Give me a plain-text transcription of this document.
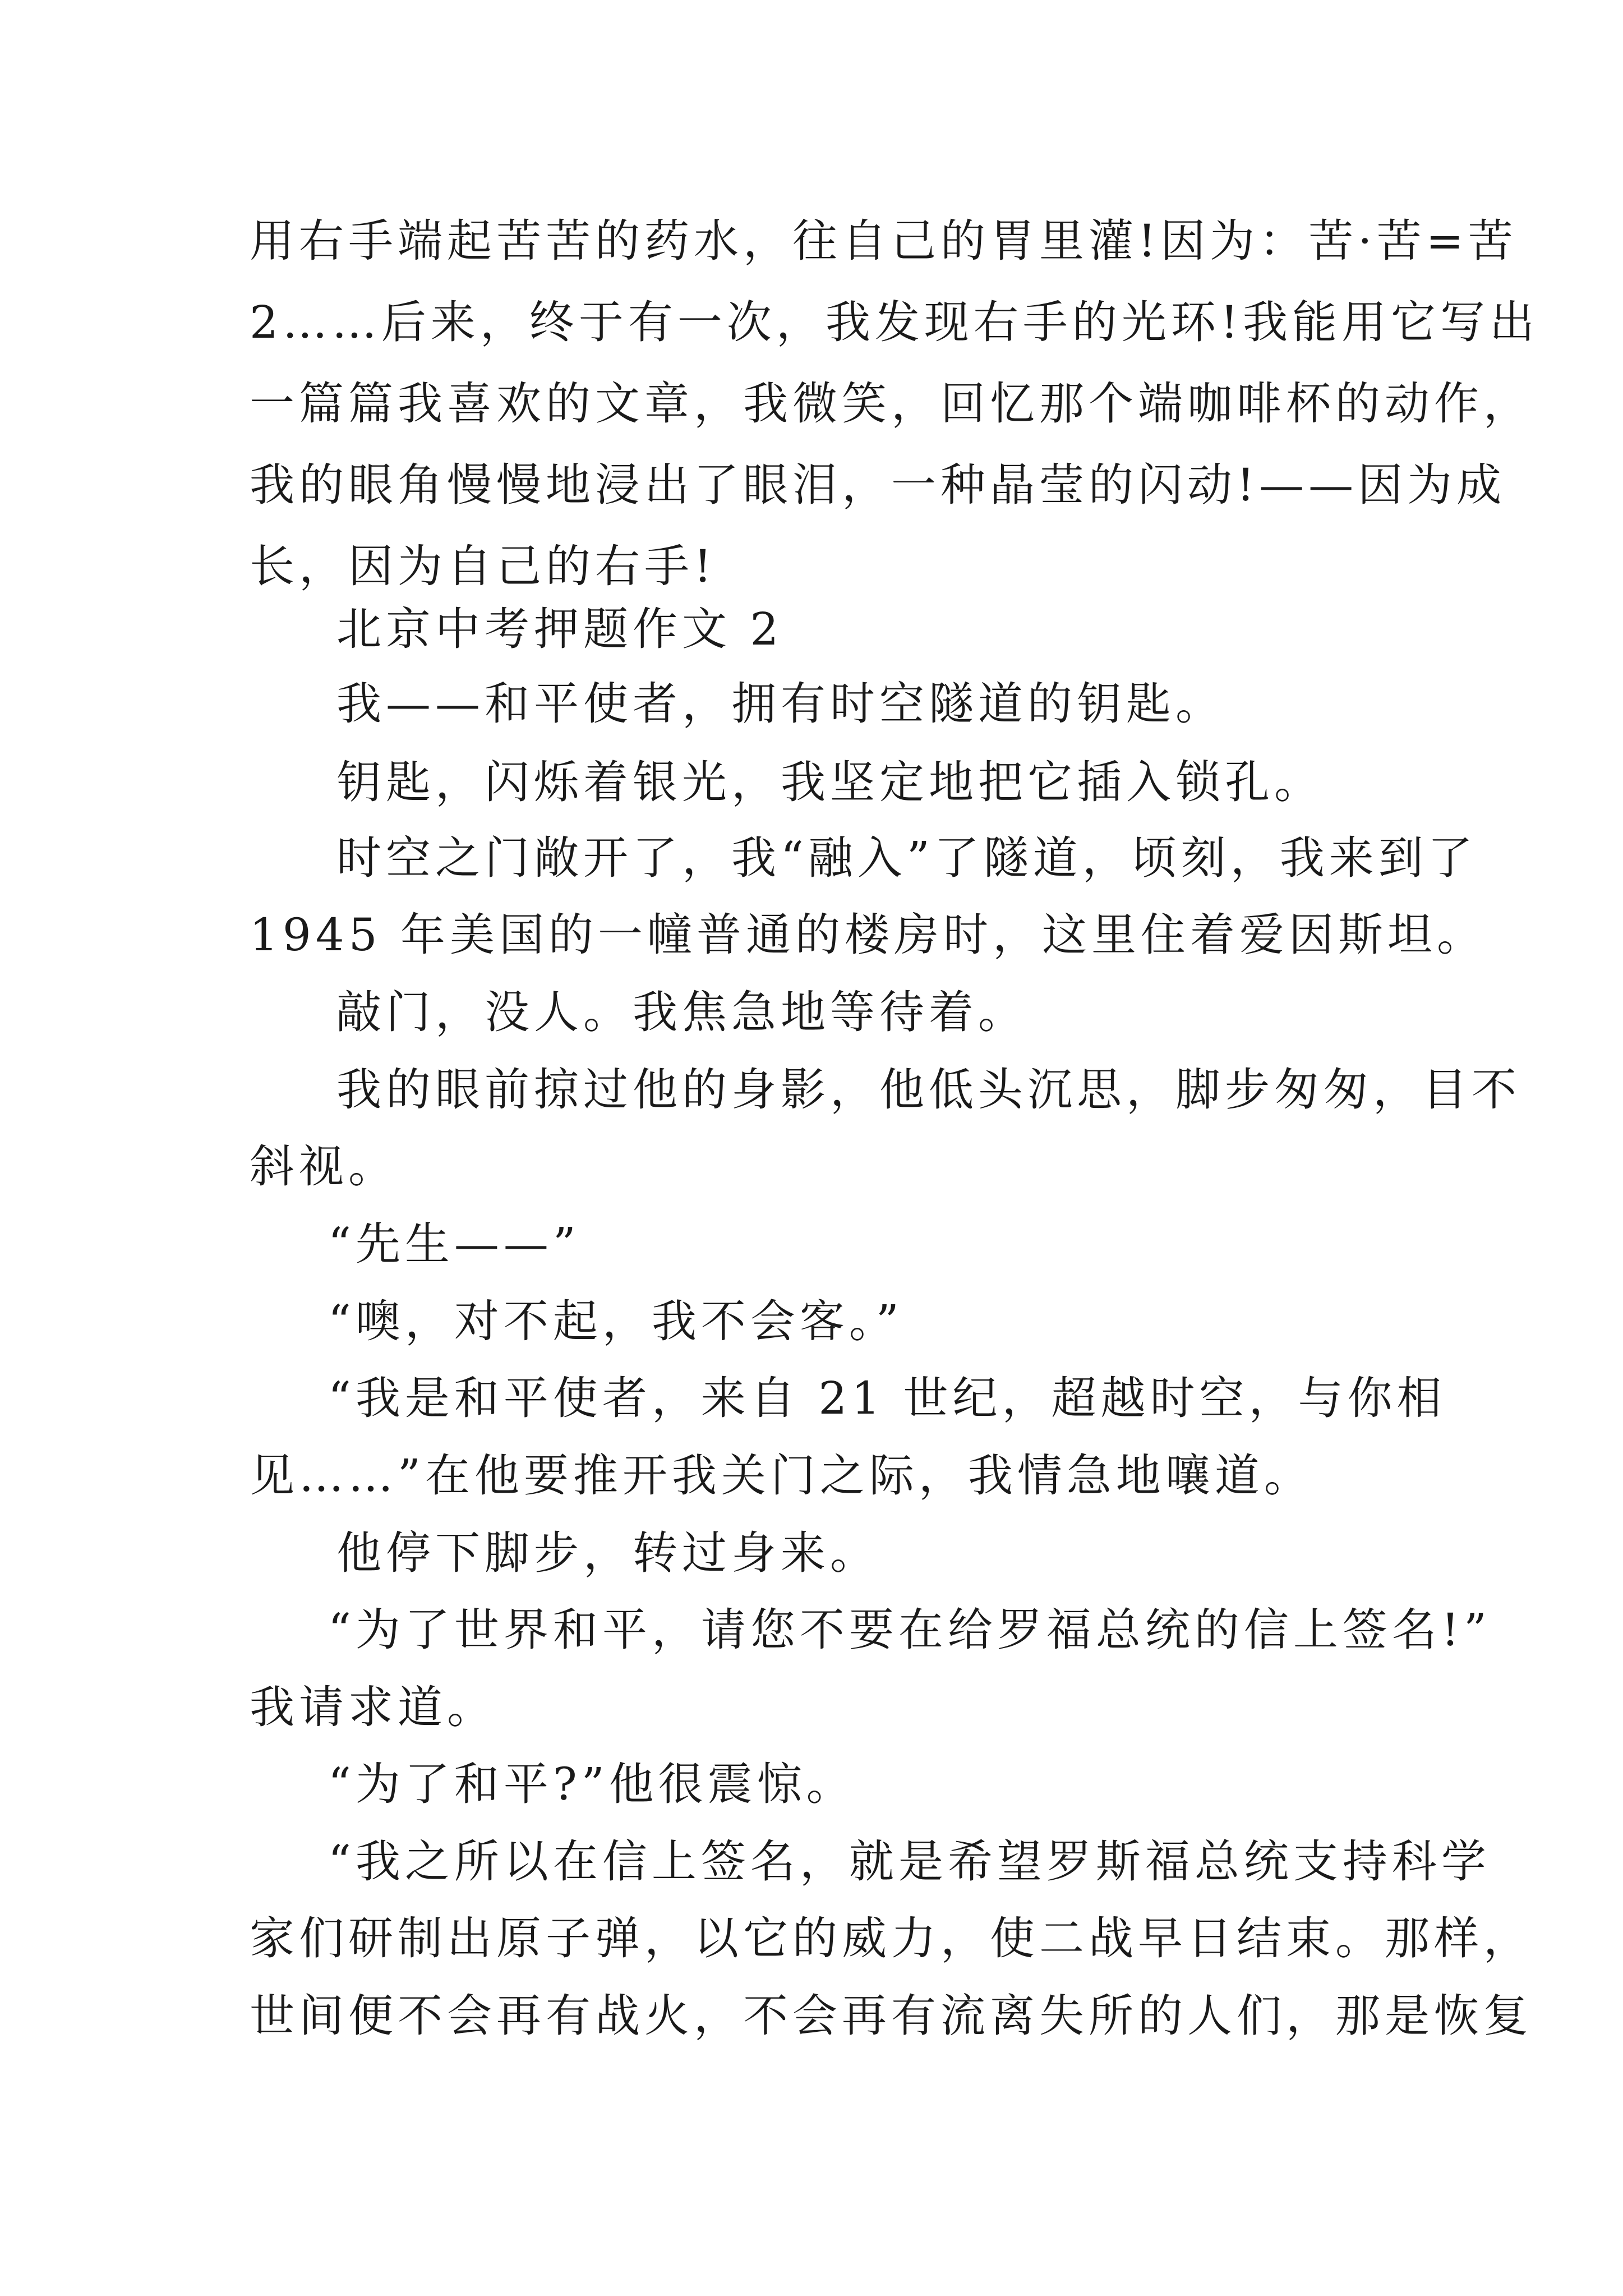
用右手端起苦苦的药水，往自己的胃里灌!因为：苦·苦=苦

2……后来，终于有一次，我发现右手的光环!我能用它写出

一篇篇我喜欢的文章，我微笑，回忆那个端咖啡杯的动作，

我的眼角慢慢地浸出了眼泪，一种晶莹的闪动!——因为成

长，因为自己的右手!

北京中考押题作文 2

我——和平使者，拥有时空隧道的钥匙。

钥匙，闪烁着银光，我坚定地把它插入锁孔。

时空之门敞开了，我“融入”了隧道，顷刻，我来到了

1945 年美国的一幢普通的楼房时，这里住着爱因斯坦。

敲门，没人。我焦急地等待着。

我的眼前掠过他的身影，他低头沉思，脚步匆匆，目不

斜视。

“先生——”

“噢，对不起，我不会客。”

“我是和平使者，来自 21 世纪，超越时空，与你相

见……”在他要推开我关门之际，我情急地嚷道。

他停下脚步，转过身来。

“为了世界和平，请您不要在给罗福总统的信上签名!”

我请求道。

“为了和平?”他很震惊。

“我之所以在信上签名，就是希望罗斯福总统支持科学

家们研制出原子弹，以它的威力，使二战早日结束。那样，

世间便不会再有战火，不会再有流离失所的人们，那是恢复
